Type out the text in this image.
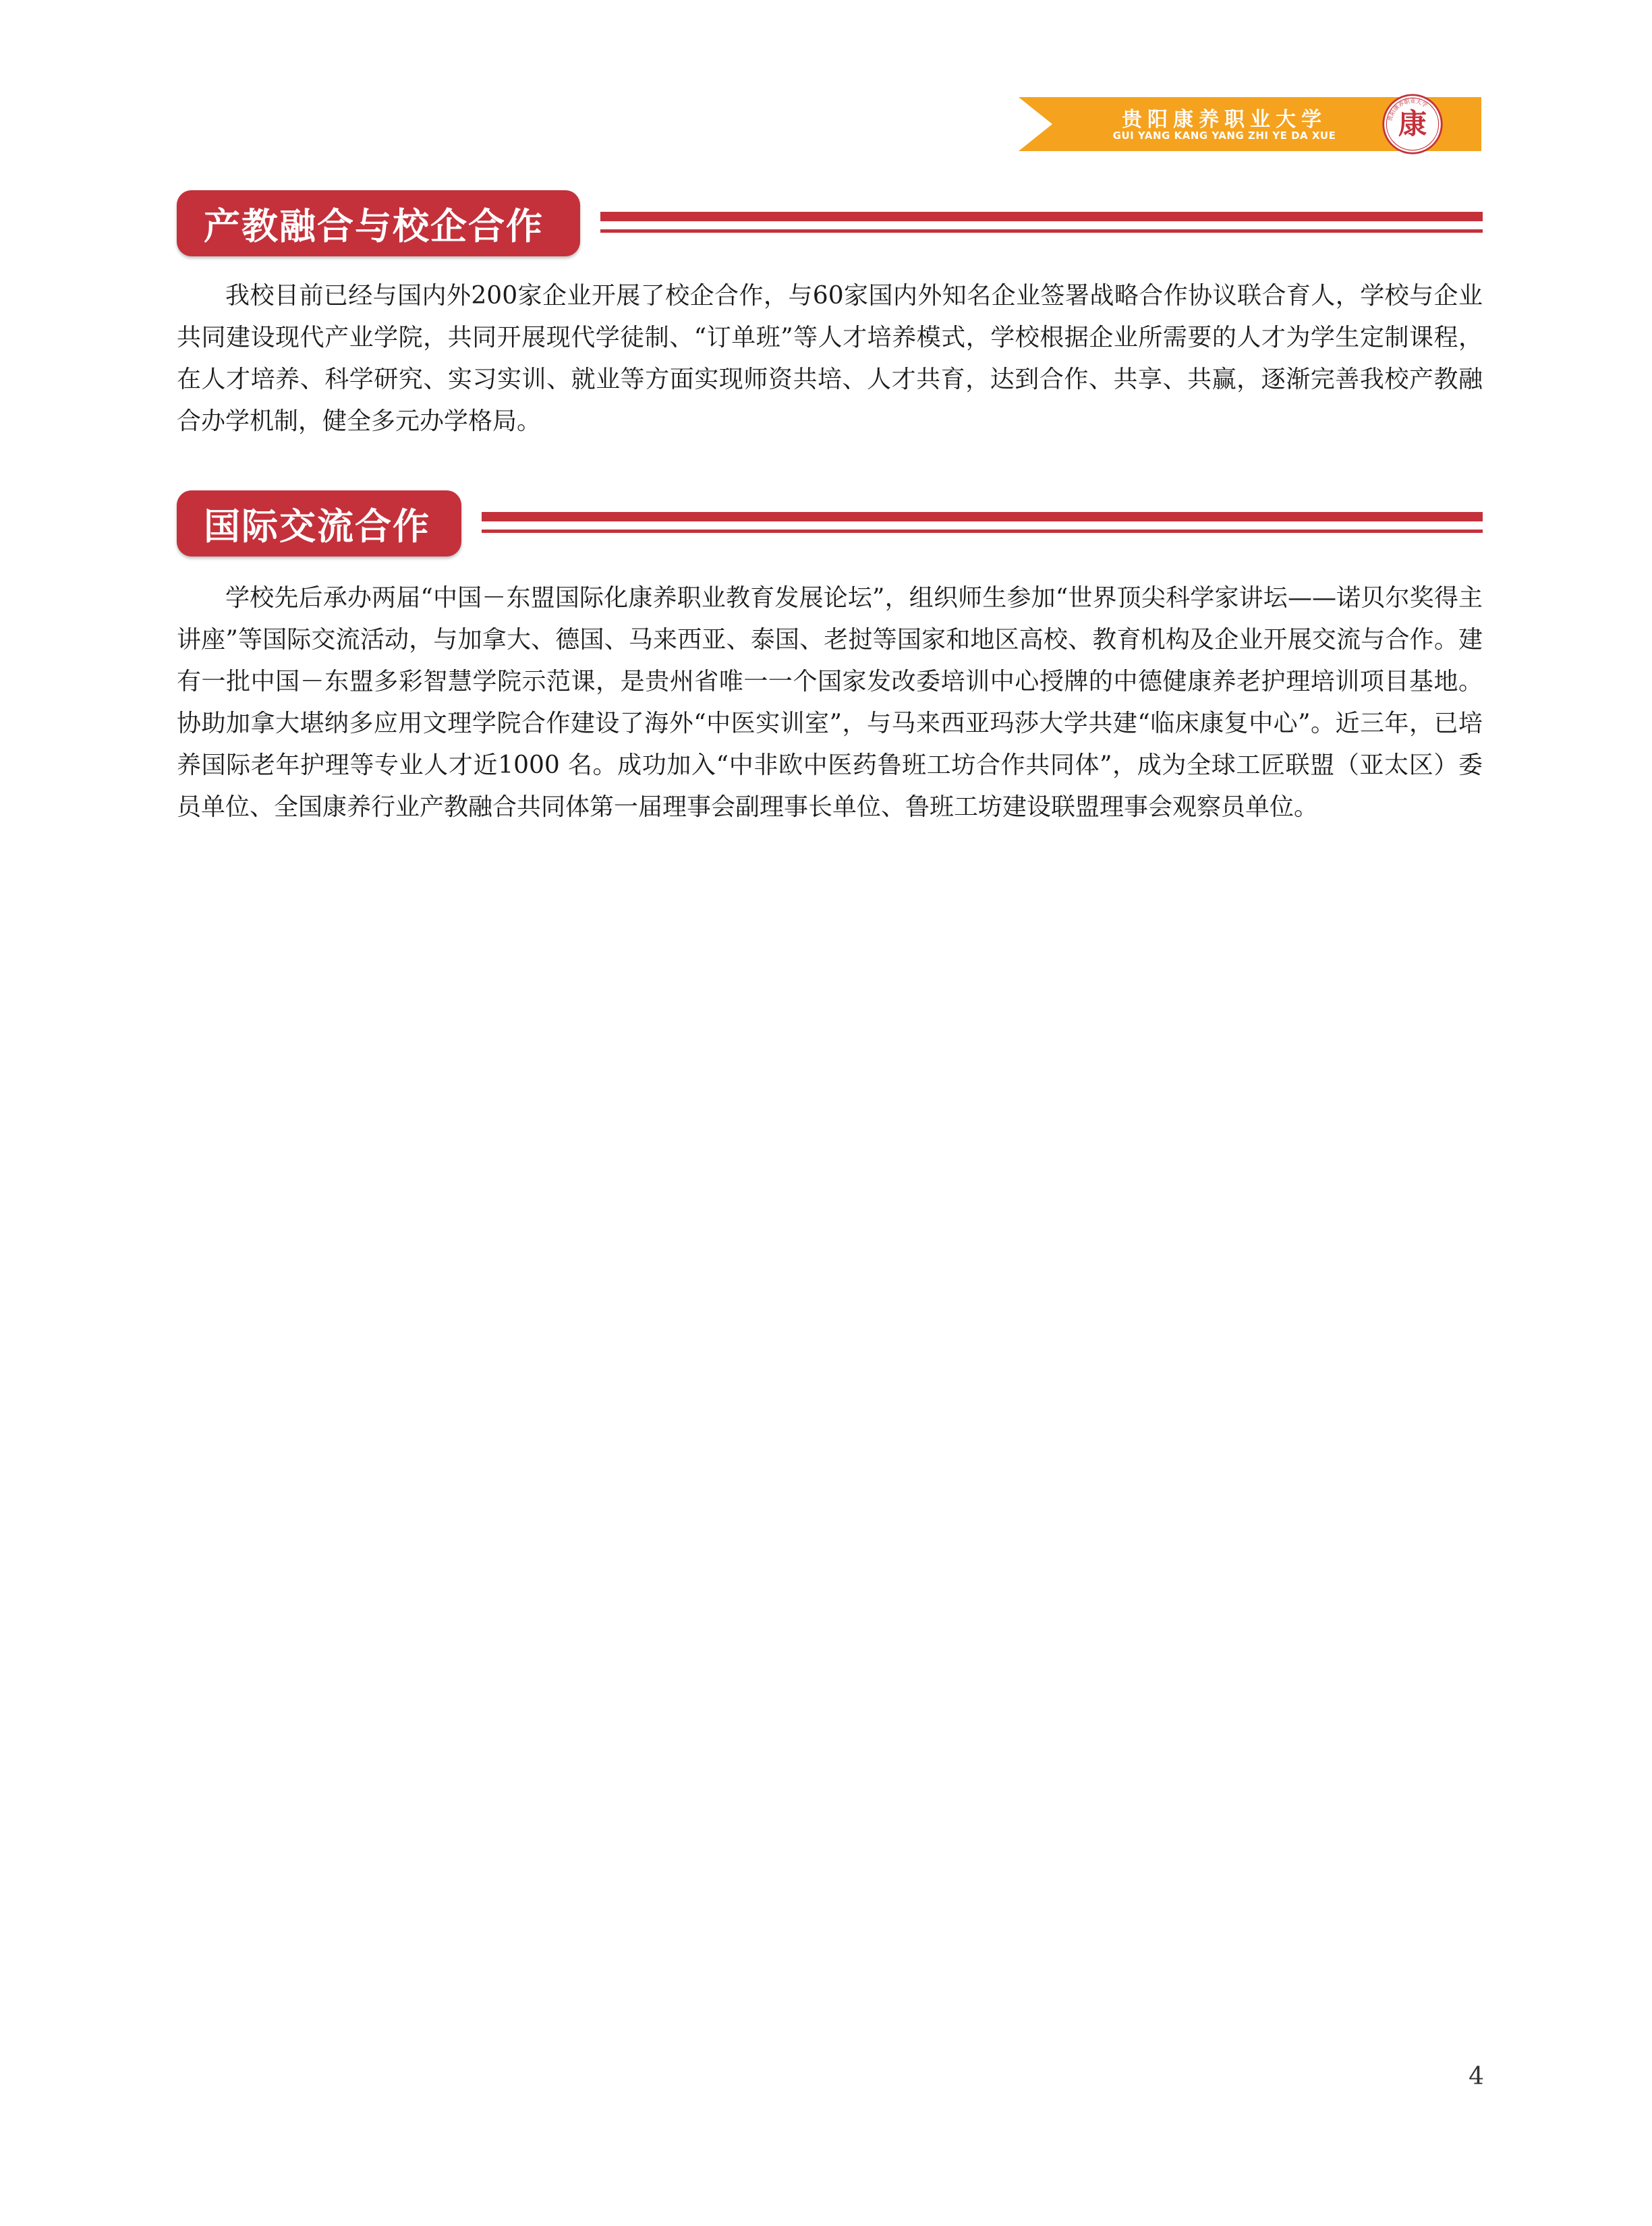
贵阳康养职业大学
GUI YANG KANG YANG ZHI YE DA XUE
贵阳康养职业大学
康
产教融合与校企合作

我校目前已经与国内外200家企业开展了校企合作，与60家国内外知名企业签署战略合作协议联合育人，学校与企业共同建设现代产业学院，共同开展现代学徒制、“订单班”等人才培养模式，学校根据企业所需要的人才为学生定制课程，在人才培养、科学研究、实习实训、就业等方面实现师资共培、人才共育，达到合作、共享、共赢，逐渐完善我校产教融合办学机制，健全多元办学格局。

国际交流合作

学校先后承办两届“中国－东盟国际化康养职业教育发展论坛”，组织师生参加“世界顶尖科学家讲坛——诺贝尔奖得主讲座”等国际交流活动，与加拿大、德国、马来西亚、泰国、老挝等国家和地区高校、教育机构及企业开展交流与合作。建有一批中国－东盟多彩智慧学院示范课，是贵州省唯一一个国家发改委培训中心授牌的中德健康养老护理培训项目基地。协助加拿大堪纳多应用文理学院合作建设了海外“中医实训室”，与马来西亚玛莎大学共建“临床康复中心”。近三年，已培养国际老年护理等专业人才近1000 名。成功加入“中非欧中医药鲁班工坊合作共同体”，成为全球工匠联盟（亚太区）委员单位、全国康养行业产教融合共同体第一届理事会副理事长单位、鲁班工坊建设联盟理事会观察员单位。

4
